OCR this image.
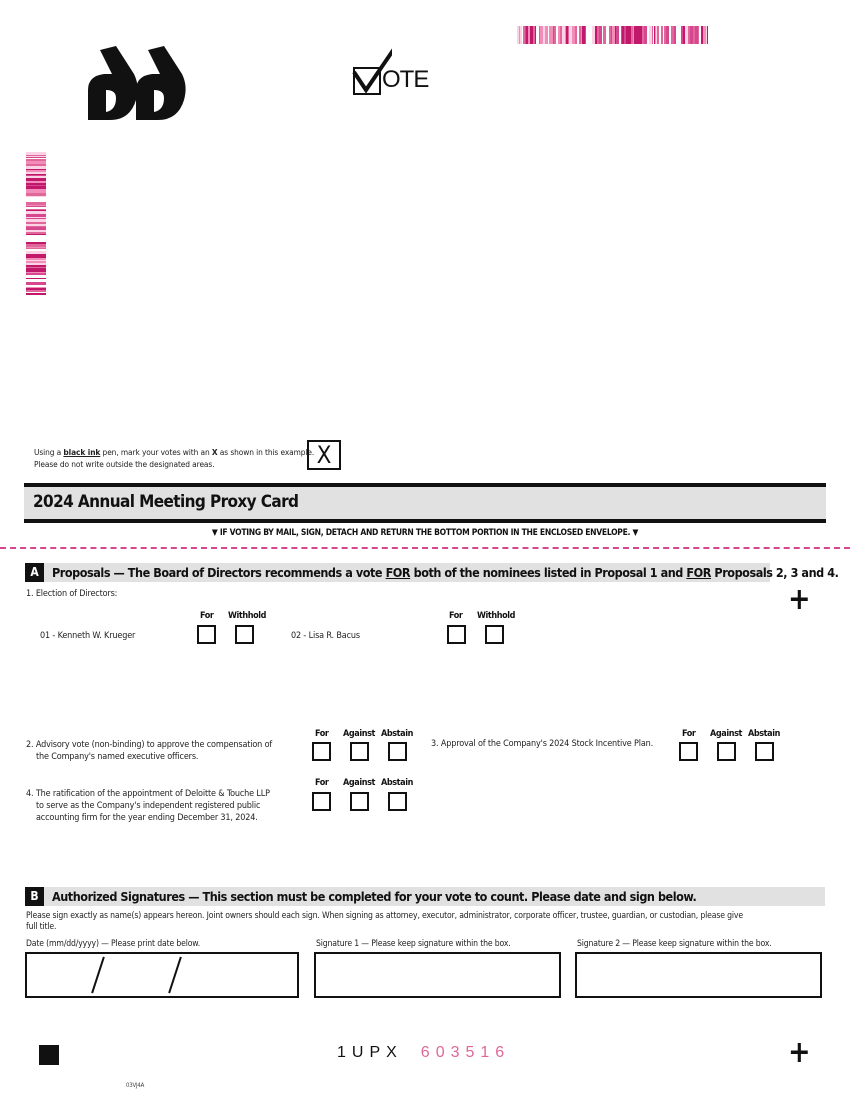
OTE
Using a black ink pen, mark your votes with an X as shown in this example.
Please do not write outside the designated areas.	X
2024 Annual Meeting Proxy Card
▼ IF VOTING BY MAIL, SIGN, DETACH AND RETURN THE BOTTOM PORTION IN THE ENCLOSED ENVELOPE. ▼
A	Proposals — The Board of Directors recommends a vote FOR both of the nominees listed in Proposal 1 and FOR Proposals 2, 3 and 4.
+
1. Election of Directors:
For Withhold
01 - Kenneth W. Krueger
For Withhold
02 - Lisa R. Bacus
For Against Abstain
2. Advisory vote (non-binding) to approve the compensation of
the Company's named executive officers.
For Against Abstain
3. Approval of the Company's 2024 Stock Incentive Plan.
For Against Abstain
4. The ratification of the appointment of Deloitte & Touche LLP
to serve as the Company's independent registered public
accounting firm for the year ending December 31, 2024.
B	Authorized Signatures — This section must be completed for your vote to count. Please date and sign below.
Please sign exactly as name(s) appears hereon. Joint owners should each sign. When signing as attorney, executor, administrator, corporate officer, trustee, guardian, or custodian, please give
full title.
Date (mm/dd/yyyy) — Please print date below.	Signature 1 — Please keep signature within the box.	Signature 2 — Please keep signature within the box.
1UPX 603516	+
03VJ4A
